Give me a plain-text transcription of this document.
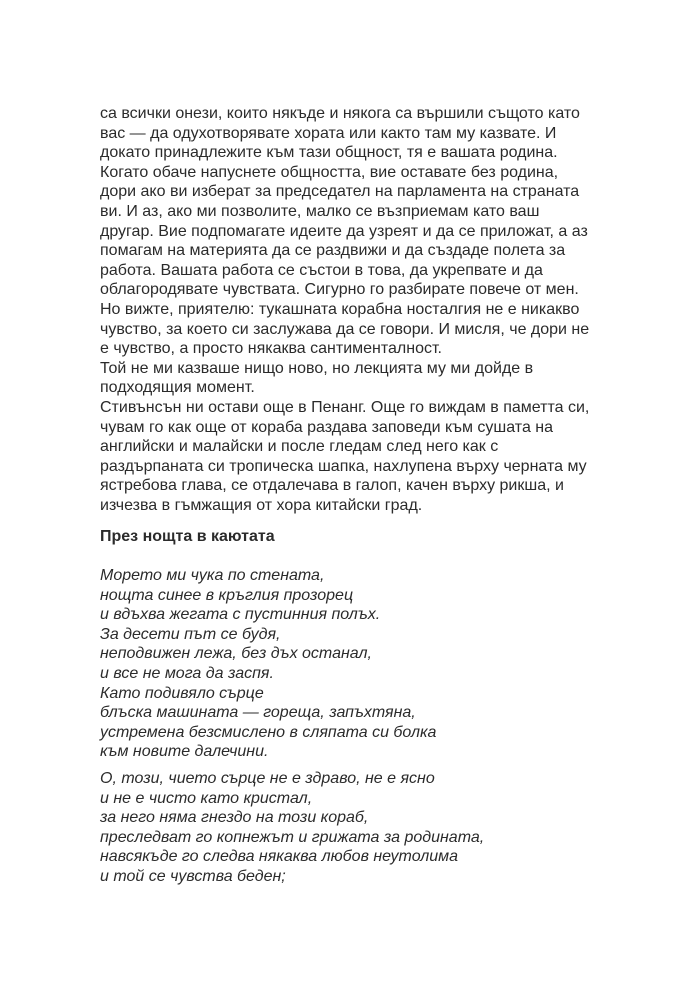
са всички онези, които някъде и някога са вършили същото като
вас — да одухотворявате хората или както там му казвате. И
докато принадлежите към тази общност, тя е вашата родина.
Когато обаче напуснете общността, вие оставате без родина,
дори ако ви изберат за председател на парламента на страната
ви. И аз, ако ми позволите, малко се възприемам като ваш
другар. Вие подпомагате идеите да узреят и да се приложат, а аз
помагам на материята да се раздвижи и да създаде полета за
работа. Вашата работа се състои в това, да укрепвате и да
облагородявате чувствата. Сигурно го разбирате повече от мен.
Но вижте, приятелю: тукашната корабна носталгия не е никакво
чувство, за което си заслужава да се говори. И мисля, че дори не
е чувство, а просто някаква сантименталност.
Той не ми казваше нищо ново, но лекцията му ми дойде в
подходящия момент.
Стивънсън ни остави още в Пенанг. Още го виждам в паметта си,
чувам го как още от кораба раздава заповеди към сушата на
английски и малайски и после гледам след него как с
раздърпаната си тропическа шапка, нахлупена върху черната му
ястребова глава, се отдалечава в галоп, качен върху рикша, и
изчезва в гъмжащия от хора китайски град.
През нощта в каютата
Морето ми чука по стената,
нощта синее в кръглия прозорец
и вдъхва жегата с пустинния полъх.
За десети път се будя,
неподвижен лежа, без дъх останал,
и все не мога да заспя.
Като подивяло сърце
блъска машината — гореща, запъхтяна,
устремена безсмислено в сляпата си болка
към новите далечини.
О, този, чието сърце не е здраво, не е ясно
и не е чисто като кристал,
за него няма гнездо на този кораб,
преследват го копнежът и грижата за родината,
навсякъде го следва някаква любов неутолима
и той се чувства беден;
